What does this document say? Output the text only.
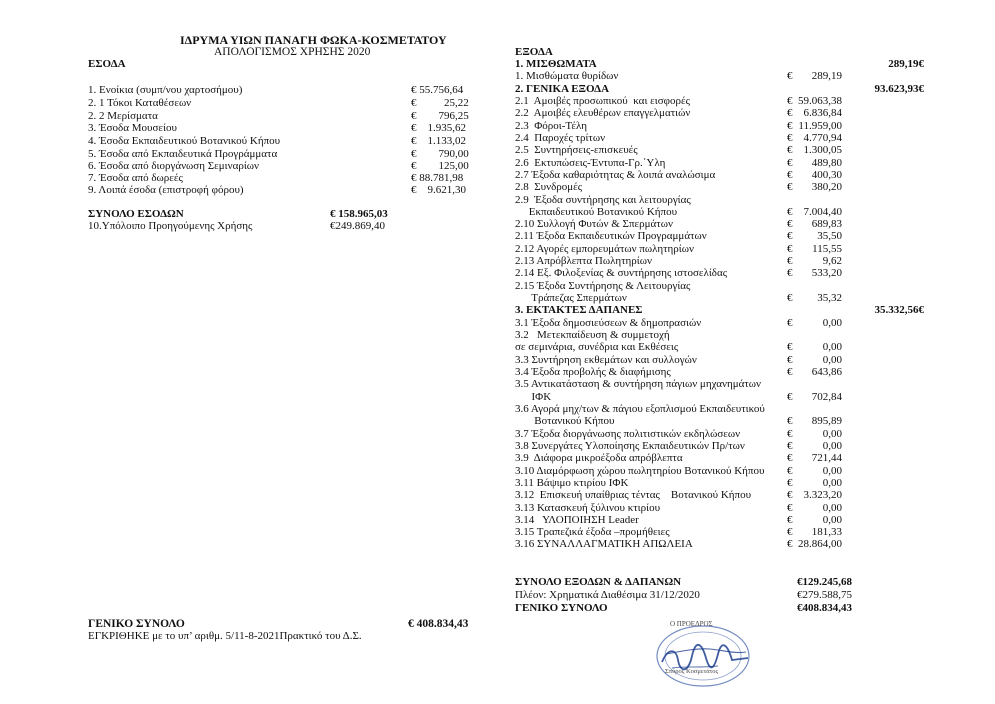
ΙΔΡΥΜΑ ΥΙΩΝ ΠΑΝΑΓΗ ΦΩΚΑ-ΚΟΣΜΕΤΑΤΟΥ
ΑΠΟΛΟΓΙΣΜΟΣ ΧΡΗΣΗΣ 2020
ΕΣΟΔΑ
1. Ενοίκια (συμπ/νου χαρτοσήμου)	€ 55.756,64
2. 1 Τόκοι Καταθέσεων	€          25,22
2. 2 Μερίσματα	€        796,25
3. Έσοδα Μουσείου	€    1.935,62
4. Έσοδα Εκπαιδευτικού Βοτανικού Κήπου	€    1.133,02
5. Έσοδα από Εκπαιδευτικά Προγράμματα	€        790,00
6. Έσοδα από διοργάνωση Σεμιναρίων	€        125,00
7. Έσοδα από δωρεές	€ 88.781,98
9. Λοιπά έσοδα (επιστροφή φόρου)	€    9.621,30
ΣΥΝΟΛΟ ΕΣΟΔΩΝ	€ 158.965,03
10.Υπόλοιπο Προηγούμενης Χρήσης	€249.869,40
ΓΕΝΙΚΟ ΣΥΝΟΛΟ	€ 408.834,43
ΕΓΚΡΙΘΗΚΕ με το υπ’ αριθμ. 5/11-8-2021Πρακτικό του Δ.Σ.
ΕΞΟΔΑ
1. ΜΙΣΘΩΜΑΤΑ	289,19€
1. Μισθώματα θυρίδων	€	289,19
2. ΓΕΝΙΚΑ ΕΞΟΔΑ	93.623,93€
2.1  Αμοιβές προσωπικού  και εισφορές	€ 59.063,38
2.2  Αμοιβές ελευθέρων επαγγελματιών	€	6.836,84
2.3  Φόροι-Τέλη	€ 11.959,00
2.4  Παροχές τρίτων	€	4.770,94
2.5  Συντηρήσεις-επισκευές	€	1.300,05
2.6  Εκτυπώσεις-Έντυπα-Γρ.΄Υλη	€	489,80
2.7 Έξοδα καθαριότητας & λοιπά αναλώσιμα	€	400,30
2.8  Συνδρομές	€	380,20
2.9  Έξοδα συντήρησης και λειτουργίας
Εκπαιδευτικού Βοτανικού Κήπου	€	7.004,40
2.10 Συλλογή Φυτών & Σπερμάτων	€	689,83
2.11 Έξοδα Εκπαιδευτικών Προγραμμάτων	€	35,50
2.12 Αγορές εμπορευμάτων πωλητηρίων	€	115,55
2.13 Απρόβλεπτα Πωλητηρίων	€	9,62
2.14 Εξ. Φιλοξενίας & συντήρησης ιστοσελίδας	€	533,20
2.15 Έξοδα Συντήρησης & Λειτουργίας
Τράπεζας Σπερμάτων	€	35,32
3. ΕΚΤΑΚΤΕΣ ΔΑΠΑΝΕΣ	35.332,56€
3.1 Έξοδα δημοσιεύσεων & δημοπρασιών	€	0,00
3.2   Μετεκπαίδευση & συμμετοχή
σε σεμινάρια, συνέδρια και Εκθέσεις	€	0,00
3.3 Συντήρηση εκθεμάτων και συλλογών	€	0,00
3.4 Έξοδα προβολής & διαφήμισης	€	643,86
3.5 Αντικατάσταση & συντήρηση πάγιων μηχανημάτων
ΙΦΚ	€	702,84
3.6 Αγορά μηχ/των & πάγιου εξοπλισμού Εκπαιδευτικού
Βοτανικού Κήπου	€	895,89
3.7 Έξοδα διοργάνωσης πολιτιστικών εκδηλώσεων	€	0,00
3.8 Συνεργάτες Υλοποίησης Εκπαιδευτικών Πρ/των	€	0,00
3.9  Διάφορα μικροέξοδα απρόβλεπτα	€	721,44
3.10 Διαμόρφωση χώρου πωλητηρίου Βοτανικού Κήπου €	0,00
3.11 Βάψιμο κτιρίου ΙΦΚ	€	0,00
3.12  Επισκευή υπαίθριας τέντας    Βοτανικού Κήπου	€	3.323,20
3.13 Κατασκευή ξύλινου κτιρίου	€	0,00
3.14   ΥΛΟΠΟΙΗΣΗ Leader	€	0,00
3.15 Τραπεζικά έξοδα –προμήθειες	€	181,33
3.16 ΣΥΝΑΛΛΑΓΜΑΤΙΚΗ ΑΠΩΛΕΙΑ	€ 28.864,00
ΣΥΝΟΛΟ ΕΞΟΔΩΝ & ΔΑΠΑΝΩΝ	€129.245,68
Πλέον: Χρηματικά Διαθέσιμα 31/12/2020	€279.588,75
ΓΕΝΙΚΟ ΣΥΝΟΛΟ	€408.834,43
Ο ΠΡΟΕΔΡΟΣ
Σπύρος Κοσμετάτος
